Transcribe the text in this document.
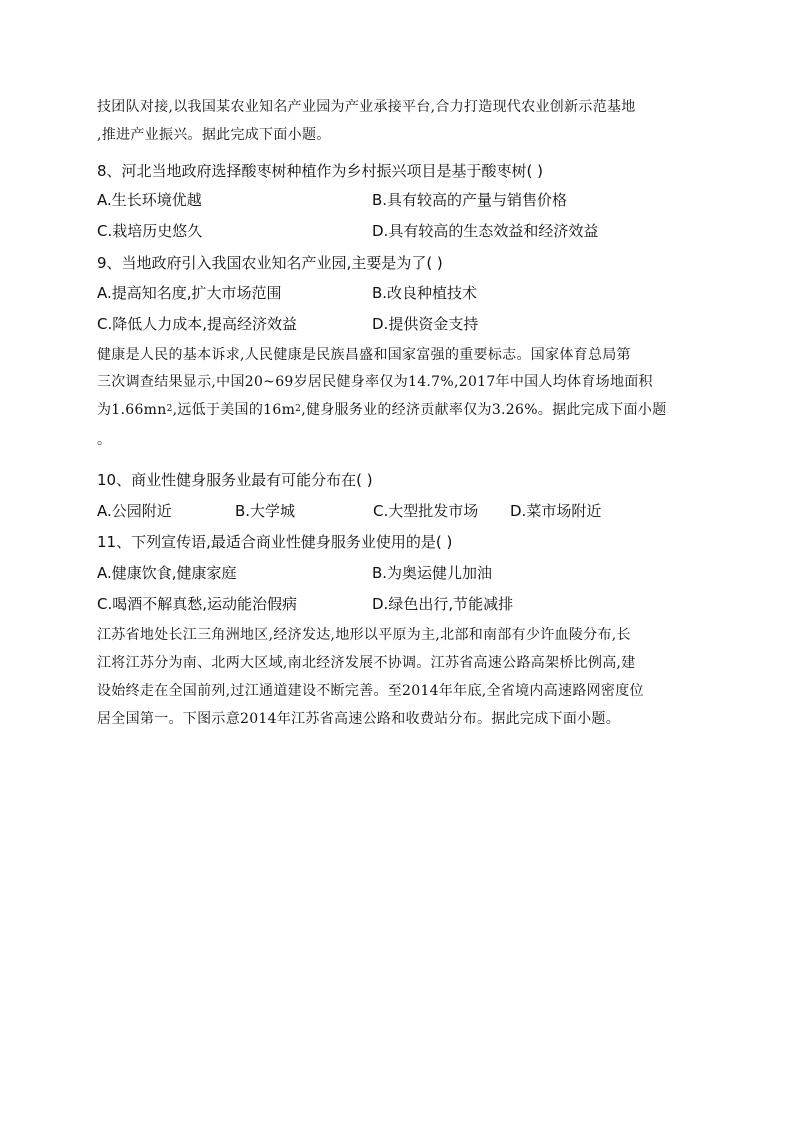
技团队对接,以我国某农业知名产业园为产业承接平台,合力打造现代农业创新示范基地

,推进产业振兴。据此完成下面小题。

8、河北当地政府选择酸枣树种植作为乡村振兴项目是基于酸枣树( )

A.生长环境优越	B.具有较高的产量与销售价格
C.栽培历史悠久	D.具有较高的生态效益和经济效益

9、当地政府引入我国农业知名产业园,主要是为了( )

A.提高知名度,扩大市场范围	B.改良种植技术
C.降低人力成本,提高经济效益	D.提供资金支持

健康是人民的基本诉求,人民健康是民族昌盛和国家富强的重要标志。国家体育总局第

三次调查结果显示,中国20~69岁居民健身率仅为14.7%,2017年中国人均体育场地面积

为$1.66mn^2$,远低于美国的$16m^2$,健身服务业的经济贡献率仅为3.26%。据此完成下面小题

。

10、商业性健身服务业最有可能分布在( )

A.公园附近	B.大学城	C.大型批发市场 D.菜市场附近

11、下列宣传语,最适合商业性健身服务业使用的是( )

A.健康饮食,健康家庭	B.为奥运健儿加油
C.喝酒不解真愁,运动能治假病	D.绿色出行,节能减排

江苏省地处长江三角洲地区,经济发达,地形以平原为主,北部和南部有少许血陵分布,长

江将江苏分为南、北两大区域,南北经济发展不协调。江苏省高速公路高架桥比例高,建

设始终走在全国前列,过江通道建设不断完善。至2014年年底,全省境内高速路网密度位

居全国第一。下图示意2014年江苏省高速公路和收费站分布。据此完成下面小题。
